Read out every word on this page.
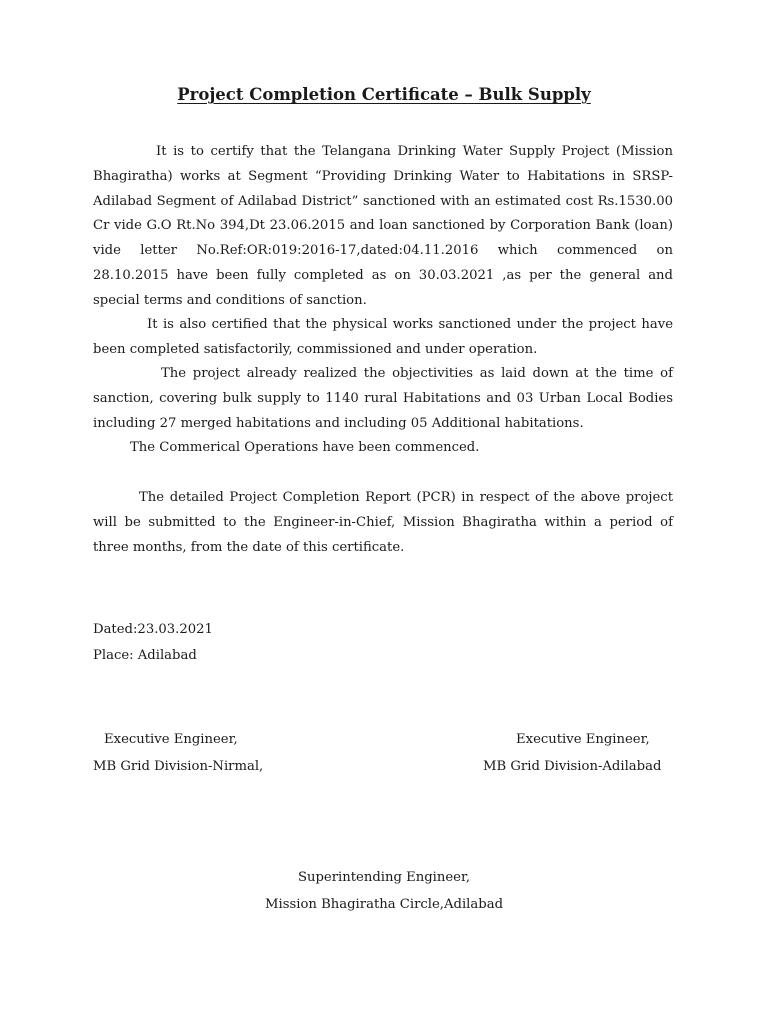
Project Completion Certificate – Bulk Supply

It is to certify that the Telangana Drinking Water Supply Project (Mission Bhagiratha) works at Segment “Providing Drinking Water to Habitations in SRSP-Adilabad Segment of Adilabad District” sanctioned with an estimated cost Rs.1530.00 Cr vide G.O Rt.No 394,Dt 23.06.2015 and loan sanctioned by Corporation Bank (loan) vide letter No.Ref:OR:019:2016-17,dated:04.11.2016 which commenced on 28.10.2015 have been fully completed as on 30.03.2021 ,as per the general and special terms and conditions of sanction.

It is also certified that the physical works sanctioned under the project have been completed satisfactorily, commissioned and under operation.

The project already realized the objectivities as laid down at the time of sanction, covering bulk supply to 1140 rural Habitations and 03 Urban Local Bodies including 27 merged habitations and including 05 Additional habitations.

The Commerical Operations have been commenced.

The detailed Project Completion Report (PCR) in respect of the above project will be submitted to the Engineer-in-Chief, Mission Bhagiratha within a period of three months, from the date of this certificate.

Dated:23.03.2021
Place: Adilabad
Executive Engineer,
MB Grid Division-Nirmal,
Executive Engineer,
MB Grid Division-Adilabad
Superintending Engineer,
Mission Bhagiratha Circle,Adilabad
